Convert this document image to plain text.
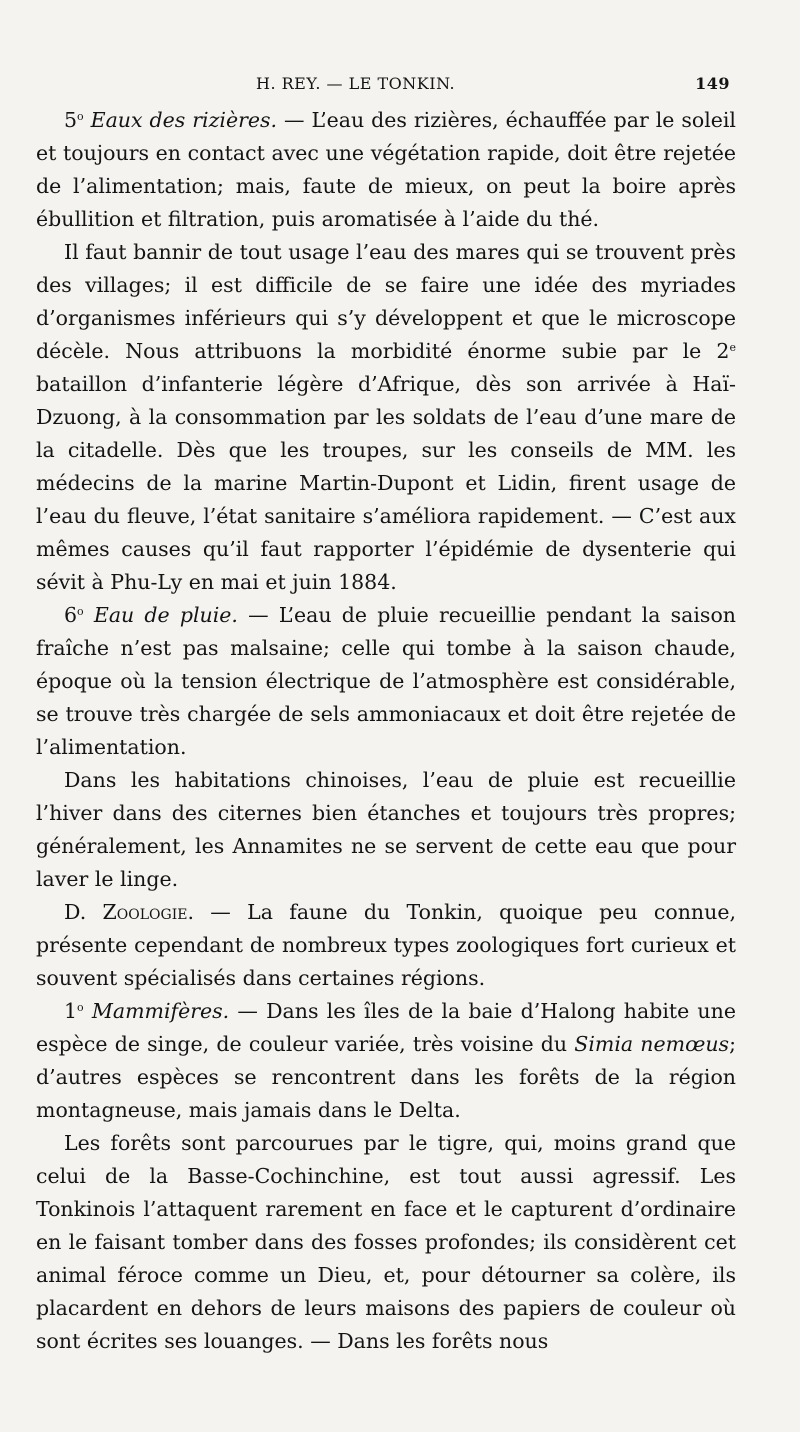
H. REY. — LE TONKIN.	149

5$^o$ Eaux des rizières. — L’eau des rizières, échauffée par le soleil et toujours en contact avec une végétation rapide, doit être rejetée de l’alimentation; mais, faute de mieux, on peut la boire après ébullition et filtration, puis aromatisée à l’aide du thé.

Il faut bannir de tout usage l’eau des mares qui se trouvent près des villages; il est difficile de se faire une idée des myriades d’organismes inférieurs qui s’y développent et que le microscope décèle. Nous attribuons la morbidité énorme subie par le 2e bataillon d’infanterie légère d’Afrique, dès son arrivée à Haï-Dzuong, à la consommation par les soldats de l’eau d’une mare de la citadelle. Dès que les troupes, sur les conseils de MM. les médecins de la marine Martin-Dupont et Lidin, firent usage de l’eau du fleuve, l’état sanitaire s’améliora rapidement. — C’est aux mêmes causes qu’il faut rapporter l’épidémie de dysenterie qui sévit à Phu-Ly en mai et juin 1884.

6$^o$ Eau de pluie. — L’eau de pluie recueillie pendant la saison fraîche n’est pas malsaine; celle qui tombe à la saison chaude, époque où la tension électrique de l’atmosphère est considérable, se trouve très chargée de sels ammoniacaux et doit être rejetée de l’alimentation.

Dans les habitations chinoises, l’eau de pluie est recueillie l’hiver dans des citernes bien étanches et toujours très propres; généralement, les Annamites ne se servent de cette eau que pour laver le linge.

D. Zoologie. — La faune du Tonkin, quoique peu connue, présente cependant de nombreux types zoologiques fort curieux et souvent spécialisés dans certaines régions.

1$^o$ Mammifères. — Dans les îles de la baie d’Halong habite une espèce de singe, de couleur variée, très voisine du Simia nemœus; d’autres espèces se rencontrent dans les forêts de la région montagneuse, mais jamais dans le Delta.

Les forêts sont parcourues par le tigre, qui, moins grand que celui de la Basse-Cochinchine, est tout aussi agressif. Les Tonkinois l’attaquent rarement en face et le capturent d’ordinaire en le faisant tomber dans des fosses profondes; ils considèrent cet animal féroce comme un Dieu, et, pour détourner sa colère, ils placardent en dehors de leurs maisons des papiers de couleur où sont écrites ses louanges. — Dans les forêts nous
